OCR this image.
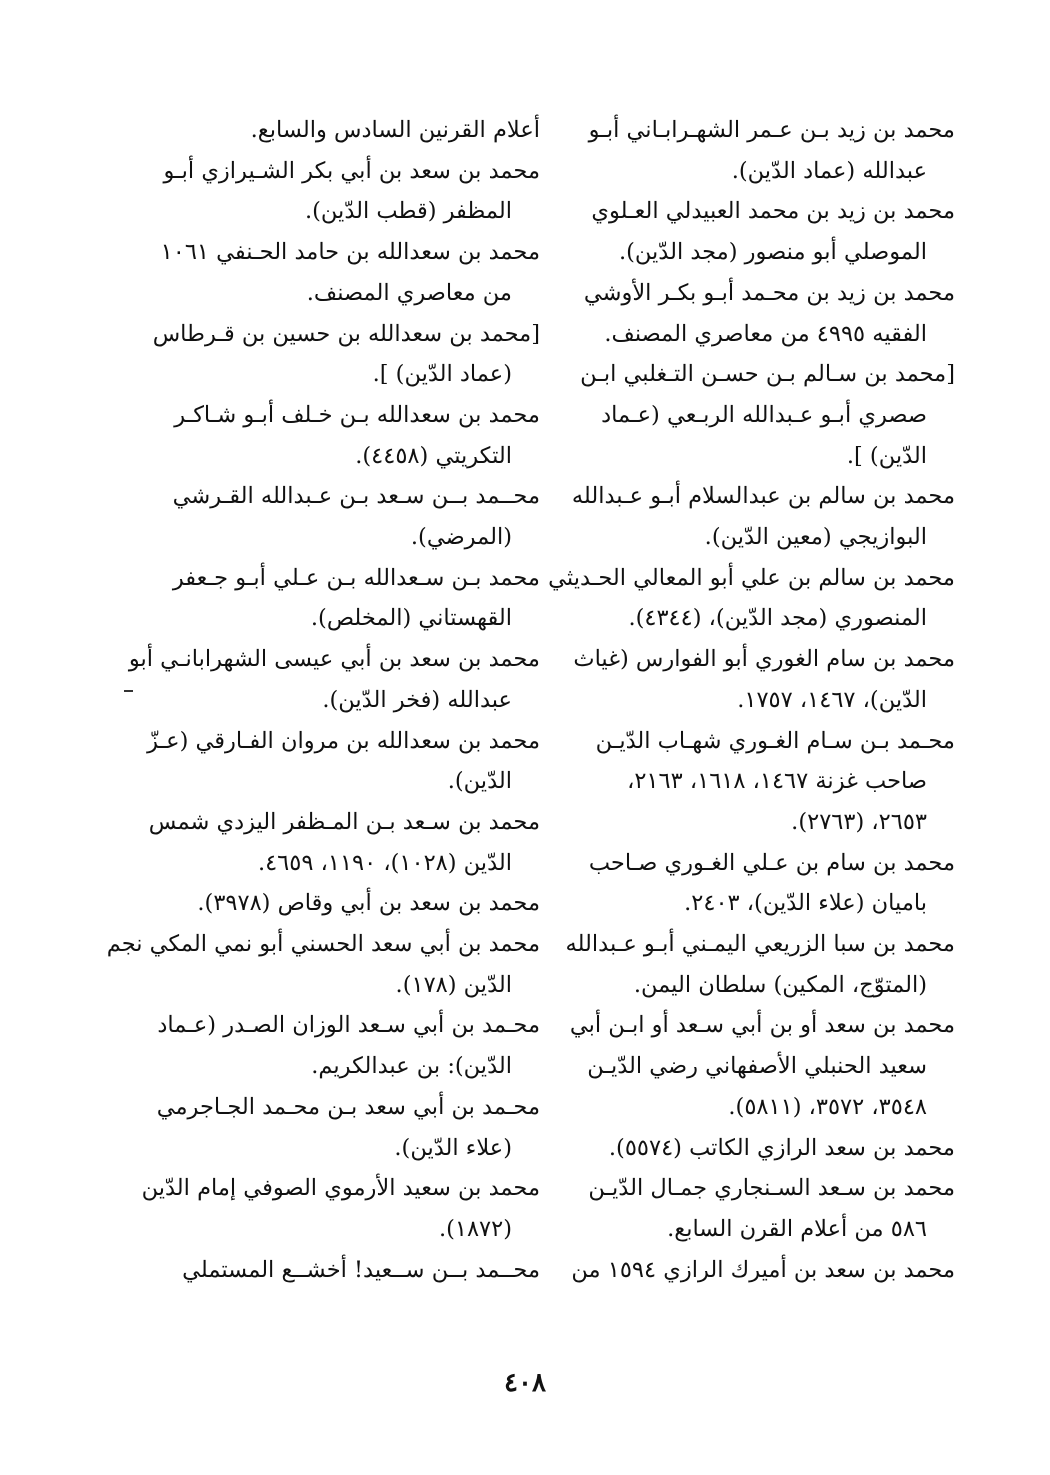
محمد بن زيد بـن عـمر الشهـرابـاني أبـو
عبدالله (عماد الدّين).

محمد بن زيد بن محمد العبيدلي العـلوي
الموصلي أبو منصور (مجد الدّين).

محمد بن زيد بن محـمد أبـو بكـر الأوشي
الفقيه ٤٩٩٥ من معاصري المصنف.

[محمد بن سـالم بـن حسـن التـغلبي ابـن
صصري أبـو عـبدالله الربـعي (عـماد
الدّين) ].

محمد بن سالم بن عبدالسلام أبـو عـبدالله
البوازيجي (معين الدّين).

محمد بن سالم بن علي أبو المعالي الحـديثي
المنصوري (مجد الدّين)، (٤٣٤٤).

محمد بن سام الغوري أبو الفوارس (غياث
الدّين)، ١٤٦٧، ١٧٥٧.

محـمد بـن سـام الغـوري شهـاب الدّيـن
صاحب غزنة ١٤٦٧، ١٦١٨، ٢١٦٣،
٢٦٥٣، (٢٧٦٣).

محمد بن سام بن عـلي الغـوري صـاحب
باميان (علاء الدّين)، ٢٤٠٣.

محمد بن سبا الزريعي اليمـني أبـو عـبدالله
(المتوّج، المكين) سلطان اليمن.

محمد بن سعد أو بن أبي سـعد أو ابـن أبي
سعيد الحنبلي الأصفهاني رضي الدّيـن
٣٥٤٨، ٣٥٧٢، (٥٨١١).

محمد بن سعد الرازي الكاتب (٥٥٧٤).

محمد بن سـعد السـنجاري جمـال الدّيـن
٥٨٦ من أعلام القرن السابع.

محمد بن سعد بن أميرك الرازي ١٥٩٤ من

أعلام القرنين السادس والسابع.

محمد بن سعد بن أبي بكر الشـيرازي أبـو
المظفر (قطب الدّين).

محمد بن سعدالله بن حامد الحـنفي ١٠٦١
من معاصري المصنف.

[محمد بن سعدالله بن حسين بن قـرطاس
(عماد الدّين) ].

محمد بن سعدالله بـن خـلف أبـو شـاكـر
التكريتي (٤٤٥٨).

محــمد بــن سـعد بـن عـبدالله القـرشي
(المرضي).

محمد بـن سـعدالله بـن عـلي أبـو جـعفر
القهستاني (المخلص).

محمد بن سعد بن أبي عيسى الشهرابانـي أبو
عبدالله (فخر الدّين).

محمد بن سعدالله بن مروان الفـارقي (عـزّ
الدّين).

محمد بن سـعد بـن المـظفر اليزدي شمس
الدّين (١٠٢٨)، ١١٩٠، ٤٦٥٩.

محمد بن سعد بن أبي وقاص (٣٩٧٨).

محمد بن أبي سعد الحسني أبو نمي المكي نجم
الدّين (١٧٨).

محـمد بن أبي سـعد الوزان الصـدر (عـماد
الدّين): بن عبدالكريم.

محـمد بن أبي سعد بـن محـمد الجـاجرمي
(علاء الدّين).

محمد بن سعيد الأرموي الصوفي إمام الدّين
(١٨٧٢).

محــمد بــن ســعيد! أخشــع المستملي

٤٠٨
